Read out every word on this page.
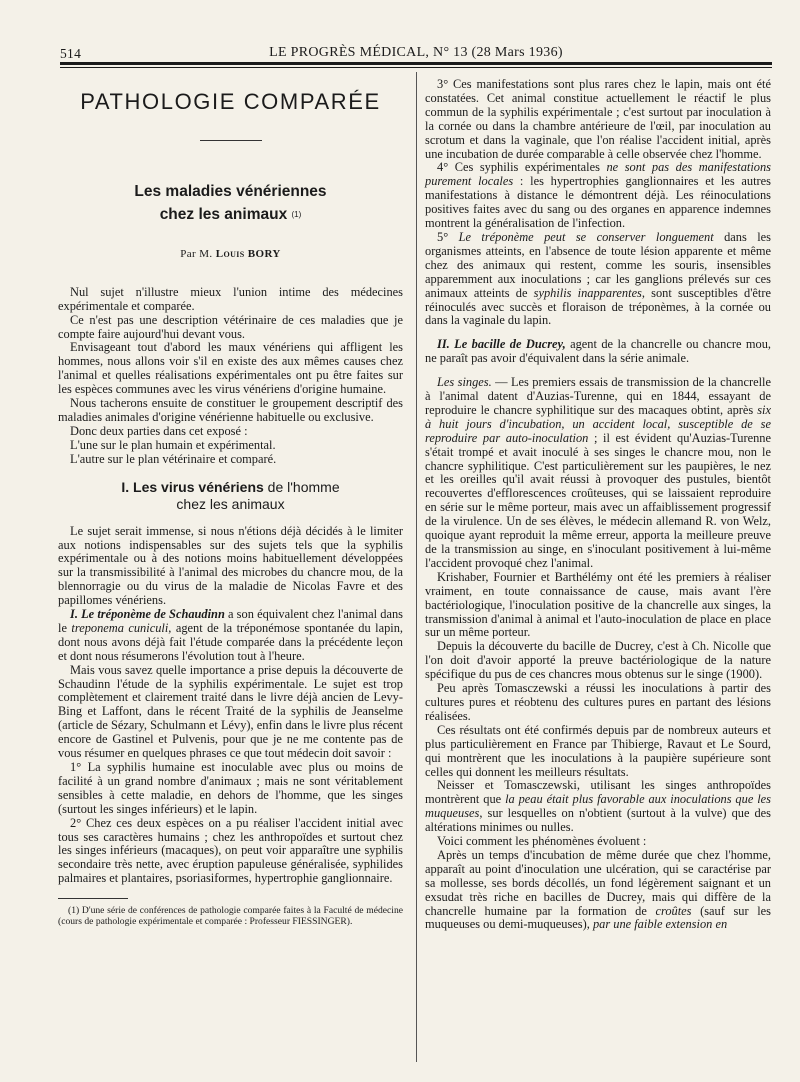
514	LE PROGRÈS MÉDICAL, N° 13 (28 Mars 1936)
PATHOLOGIE COMPARÉE
Les maladies vénériennes
chez les animaux $^{(1)}$
Par M. Louis BORY

Nul sujet n'illustre mieux l'union intime des médecines expérimentale et comparée.

Ce n'est pas une description vétérinaire de ces maladies que je compte faire aujourd'hui devant vous.

Envisageant tout d'abord les maux vénériens qui affligent les hommes, nous allons voir s'il en existe des aux mêmes causes chez l'animal et quelles réalisations expérimentales ont pu être faites sur les espèces communes avec les virus vénériens d'origine humaine.

Nous tacherons ensuite de constituer le groupement descriptif des maladies animales d'origine vénérienne habituelle ou exclusive.

Donc deux parties dans cet exposé :

L'une sur le plan humain et expérimental.

L'autre sur le plan vétérinaire et comparé.

I. Les virus vénériens de l'homme
chez les animaux

Le sujet serait immense, si nous n'étions déjà décidés à le limiter aux notions indispensables sur des sujets tels que la syphilis expérimentale ou à des notions moins habituellement développées sur la transmissibilité à l'animal des microbes du chancre mou, de la blennorragie ou du virus de la maladie de Nicolas Favre et des papillomes vénériens.

I. Le tréponème de Schaudinn a son équivalent chez l'animal dans le treponema cuniculi, agent de la tréponémose spontanée du lapin, dont nous avons déjà fait l'étude comparée dans la précédente leçon et dont nous résumerons l'évolution tout à l'heure.

Mais vous savez quelle importance a prise depuis la découverte de Schaudinn l'étude de la syphilis expérimentale. Le sujet est trop complètement et clairement traité dans le livre déjà ancien de Levy-Bing et Laffont, dans le récent Traité de la syphilis de Jeanselme (article de Sézary, Schulmann et Lévy), enfin dans le livre plus récent encore de Gastinel et Pulvenis, pour que je ne me contente pas de vous résumer en quelques phrases ce que tout médecin doit savoir :

1° La syphilis humaine est inoculable avec plus ou moins de facilité à un grand nombre d'animaux ; mais ne sont véritablement sensibles à cette maladie, en dehors de l'homme, que les singes (surtout les singes inférieurs) et le lapin.

2° Chez ces deux espèces on a pu réaliser l'accident initial avec tous ses caractères humains ; chez les anthropoïdes et surtout chez les singes inférieurs (macaques), on peut voir apparaître une syphilis secondaire très nette, avec éruption papuleuse généralisée, syphilides palmaires et plantaires, psoriasiformes, hypertrophie ganglionnaire.

(1) D'une série de conférences de pathologie comparée faites à la Faculté de médecine (cours de pathologie expérimentale et comparée : Professeur FIESSINGER).

3° Ces manifestations sont plus rares chez le lapin, mais ont été constatées. Cet animal constitue actuellement le réactif le plus commun de la syphilis expérimentale ; c'est surtout par inoculation à la cornée ou dans la chambre antérieure de l'œil, par inoculation au scrotum et dans la vaginale, que l'on réalise l'accident initial, après une incubation de durée comparable à celle observée chez l'homme.

4° Ces syphilis expérimentales ne sont pas des manifestations purement locales : les hypertrophies ganglionnaires et les autres manifestations à distance le démontrent déjà. Les réinoculations positives faites avec du sang ou des organes en apparence indemnes montrent la généralisation de l'infection.

5° Le tréponème peut se conserver longuement dans les organismes atteints, en l'absence de toute lésion apparente et même chez des animaux qui restent, comme les souris, insensibles apparemment aux inoculations ; car les ganglions prélevés sur ces animaux atteints de syphilis inapparentes, sont susceptibles d'être réinoculés avec succès et floraison de tréponèmes, à la cornée ou dans la vaginale du lapin.

II. Le bacille de Ducrey, agent de la chancrelle ou chancre mou, ne paraît pas avoir d'équivalent dans la série animale.

Les singes. — Les premiers essais de transmission de la chancrelle à l'animal datent d'Auzias-Turenne, qui en 1844, essayant de reproduire le chancre syphilitique sur des macaques obtint, après six à huit jours d'incubation, un accident local, susceptible de se reproduire par auto-inoculation ; il est évident qu'Auzias-Turenne s'était trompé et avait inoculé à ses singes le chancre mou, non le chancre syphilitique. C'est particulièrement sur les paupières, le nez et les oreilles qu'il avait réussi à provoquer des pustules, bientôt recouvertes d'efflorescences croûteuses, qui se laissaient reproduire en série sur le même porteur, mais avec un affaiblissement progressif de la virulence. Un de ses élèves, le médecin allemand R. von Welz, quoique ayant reproduit la même erreur, apporta la meilleure preuve de la transmission au singe, en s'inoculant positivement à lui-même l'accident provoqué chez l'animal.

Krishaber, Fournier et Barthélémy ont été les premiers à réaliser vraiment, en toute connaissance de cause, mais avant l'ère bactériologique, l'inoculation positive de la chancrelle aux singes, la transmission d'animal à animal et l'auto-inoculation de place en place sur un même porteur.

Depuis la découverte du bacille de Ducrey, c'est à Ch. Nicolle que l'on doit d'avoir apporté la preuve bactériologique de la nature spécifique du pus de ces chancres mous obtenus sur le singe (1900).

Peu après Tomasczewski a réussi les inoculations à partir des cultures pures et réobtenu des cultures pures en partant des lésions réalisées.

Ces résultats ont été confirmés depuis par de nombreux auteurs et plus particulièrement en France par Thibierge, Ravaut et Le Sourd, qui montrèrent que les inoculations à la paupière supérieure sont celles qui donnent les meilleurs résultats.

Neisser et Tomasczewski, utilisant les singes anthropoïdes montrèrent que la peau était plus favorable aux inoculations que les muqueuses, sur lesquelles on n'obtient (surtout à la vulve) que des altérations minimes ou nulles.

Voici comment les phénomènes évoluent :

Après un temps d'incubation de même durée que chez l'homme, apparaît au point d'inoculation une ulcération, qui se caractérise par sa mollesse, ses bords décollés, un fond légèrement saignant et un exsudat très riche en bacilles de Ducrey, mais qui diffère de la chancrelle humaine par la formation de croûtes (sauf sur les muqueuses ou demi-muqueuses), par une faible extension en
